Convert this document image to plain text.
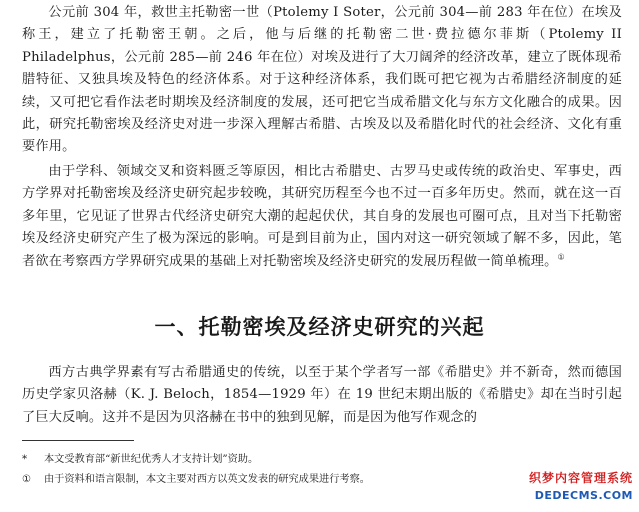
公元前 304 年，救世主托勒密一世（Ptolemy I Soter，公元前 304—前 283 年在位）在埃及称王，建立了托勒密王朝。之后，他与后继的托勒密二世·费拉德尔菲斯（Ptolemy II Philadelphus，公元前 285—前 246 年在位）对埃及进行了大刀阔斧的经济改革，建立了既体现希腊特征、又独具埃及特色的经济体系。对于这种经济体系，我们既可把它视为古希腊经济制度的延续，又可把它看作法老时期埃及经济制度的发展，还可把它当成希腊文化与东方文化融合的成果。因此，研究托勒密埃及经济史对进一步深入理解古希腊、古埃及以及希腊化时代的社会经济、文化有重要作用。

由于学科、领域交叉和资料匮乏等原因，相比古希腊史、古罗马史或传统的政治史、军事史，西方学界对托勒密埃及经济史研究起步较晚，其研究历程至今也不过一百多年历史。然而，就在这一百多年里，它见证了世界古代经济史研究大潮的起起伏伏，其自身的发展也可圈可点，且对当下托勒密埃及经济史研究产生了极为深远的影响。可是到目前为止，国内对这一研究领域了解不多，因此，笔者欲在考察西方学界研究成果的基础上对托勒密埃及经济史研究的发展历程做一简单梳理。①

一、托勒密埃及经济史研究的兴起

西方古典学界素有写古希腊通史的传统，以至于某个学者写一部《希腊史》并不新奇，然而德国历史学家贝洛赫（K. J. Beloch，1854—1929 年）在 19 世纪末期出版的《希腊史》却在当时引起了巨大反响。这并不是因为贝洛赫在书中的独到见解，而是因为他写作观念的

* 本文受教育部“新世纪优秀人才支持计划”资助。

① 由于资料和语言限制，本文主要对西方以英文发表的研究成果进行考察。	织梦内容管理系统
DEDECMS.COM
